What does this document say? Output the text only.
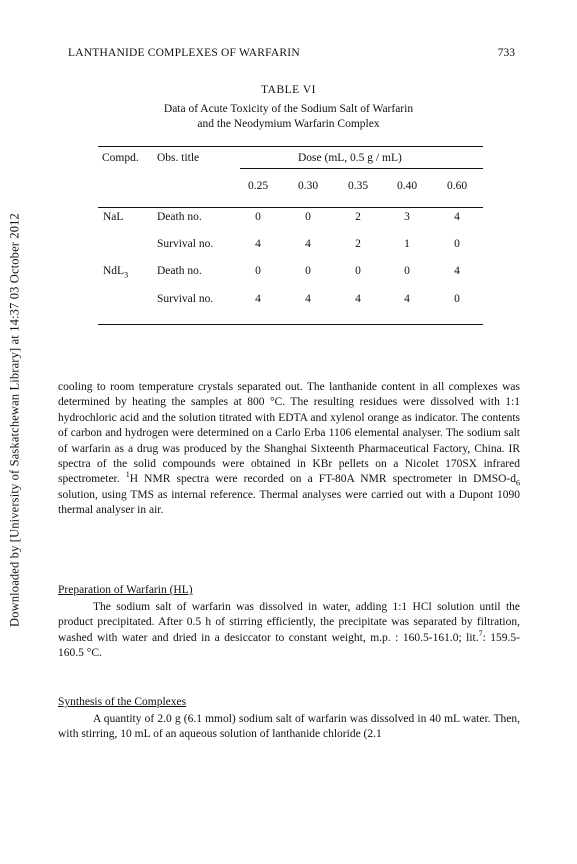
LANTHANIDE COMPLEXES OF WARFARIN	733
Downloaded by [University of Saskatchewan Library] at 14:37 03 October 2012
TABLE VI
Data of Acute Toxicity of the Sodium Salt of Warfarin
and the Neodymium Warfarin Complex
Compd. Obs. title	Dose (mL, 0.5 g / mL)
0.25	0.30	0.35	0.40	0.60
NaL	Death no.	0	0	2	3	4
Survival no.	4	4	2	1	0
NdL$_3$	Death no.	0	0	0	0	4
Survival no.	4	4	4	4	0

cooling to room temperature crystals separated out. The lanthanide content in all complexes was determined by heating the samples at 800 °C. The resulting residues were dissolved with 1:1 hydrochloric acid and the solution titrated with EDTA and xylenol orange as indicator. The contents of carbon and hydrogen were determined on a Carlo Erba 1106 elemental analyser. The sodium salt of warfarin as a drug was produced by the Shanghai Sixteenth Pharmaceutical Factory, China. IR spectra of the solid compounds were obtained in KBr pellets on a Nicolet 170SX infrared spectrometer. $^1$H NMR spectra were recorded on a FT-80A NMR spectrometer in DMSO-$d_6$ solution, using TMS as internal reference. Thermal analyses were carried out with a Dupont 1090 thermal analyser in air.

Preparation of Warfarin (HL)

The sodium salt of warfarin was dissolved in water, adding 1:1 HCl solution until the product precipitated. After 0.5 h of stirring efficiently, the precipitate was separated by filtration, washed with water and dried in a desiccator to constant weight, m.p. : 160.5-161.0; lit.$^7$: 159.5-160.5 °C.

Synthesis of the Complexes

A quantity of 2.0 g (6.1 mmol) sodium salt of warfarin was dissolved in 40 mL water. Then, with stirring, 10 mL of an aqueous solution of lanthanide chloride (2.1
